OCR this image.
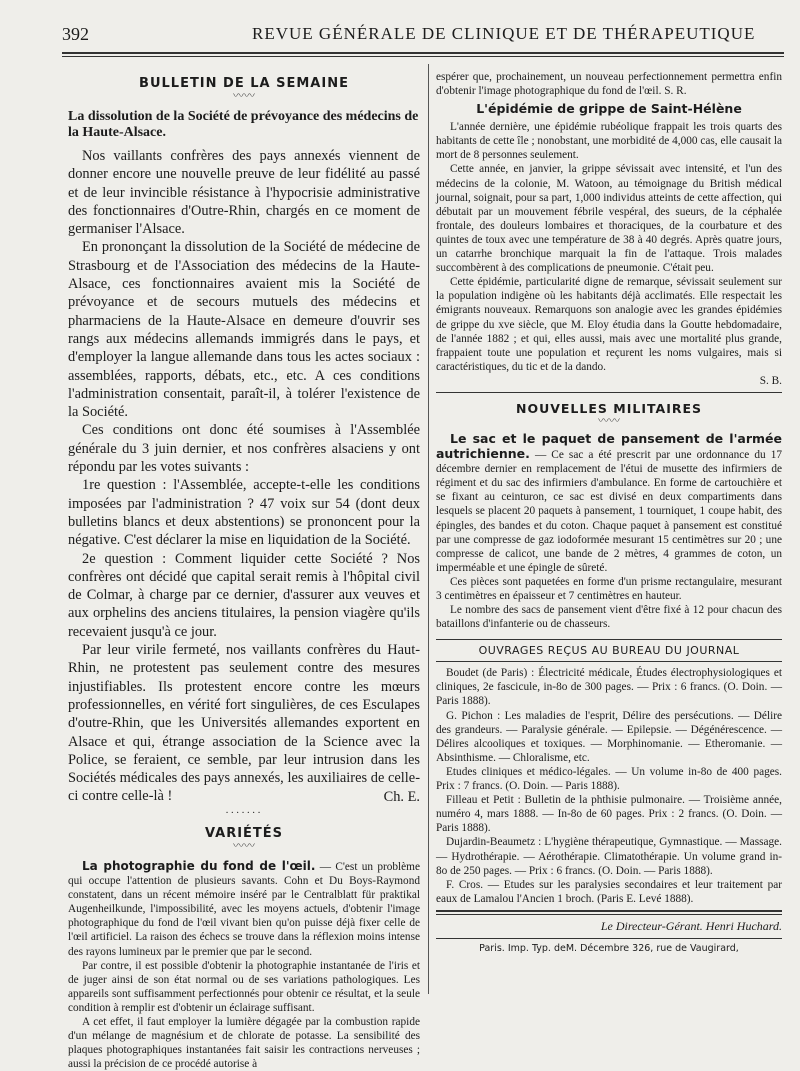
392	REVUE GÉNÉRALE DE CLINIQUE ET DE THÉRAPEUTIQUE
BULLETIN DE LA SEMAINE
〰〰
La dissolution de la Société de prévoyance des médecins de la Haute-Alsace.

Nos vaillants confrères des pays annexés viennent de donner encore une nouvelle preuve de leur fidélité au passé et de leur invincible résistance à l'hypocrisie administrative des fonctionnaires d'Outre-Rhin, chargés en ce moment de germaniser l'Alsace.

En prononçant la dissolution de la Société de médecine de Strasbourg et de l'Association des médecins de la Haute-Alsace, ces fonctionnaires avaient mis la Société de prévoyance et de secours mutuels des médecins et pharmaciens de la Haute-Alsace en demeure d'ouvrir ses rangs aux médecins allemands immigrés dans le pays, et d'employer la langue allemande dans tous les actes sociaux : assemblées, rapports, débats, etc., etc. A ces conditions l'administration consentait, paraît-il, à tolérer l'existence de la Société.

Ces conditions ont donc été soumises à l'Assemblée générale du 3 juin dernier, et nos confrères alsaciens y ont répondu par les votes suivants :

1re question : l'Assemblée, accepte-t-elle les conditions imposées par l'administration ? 47 voix sur 54 (dont deux bulletins blancs et deux abstentions) se prononcent pour la négative. C'est déclarer la mise en liquidation de la Société.

2e question : Comment liquider cette Société ? Nos confrères ont décidé que capital serait remis à l'hôpital civil de Colmar, à charge par ce dernier, d'assurer aux veuves et aux orphelins des anciens titulaires, la pension viagère qu'ils recevaient jusqu'à ce jour.

Par leur virile fermeté, nos vaillants confrères du Haut-Rhin, ne protestent pas seulement contre des mesures injustifiables. Ils protestent encore contre les mœurs professionnelles, en vérité fort singulières, de ces Esculapes d'outre-Rhin, que les Universités allemandes exportent en Alsace et qui, étrange association de la Science avec la Police, se feraient, ce semble, par leur intrusion dans les Sociétés médicales des pays annexés, les auxiliaires de celle-ci contre celle-là !	Ch. E.
·······
VARIÉTÉS
〰〰

La photographie du fond de l'œil. — C'est un problème qui occupe l'attention de plusieurs savants. Cohn et Du Boys-Raymond constatent, dans un récent mémoire inséré par le Centralblatt für praktikal Augenheilkunde, l'impossibilité, avec les moyens actuels, d'obtenir l'image photographique du fond de l'œil vivant bien qu'on puisse déjà fixer celle de l'œil artificiel. La raison des échecs se trouve dans la réflexion moins intense des rayons lumineux par le premier que par le second.

Par contre, il est possible d'obtenir la photographie instantanée de l'iris et de juger ainsi de son état normal ou de ses variations pathologiques. Les appareils sont suffisamment perfectionnés pour obtenir ce résultat, et la seule condition à remplir est d'obtenir un éclairage suffisant.

A cet effet, il faut employer la lumière dégagée par la combustion rapide d'un mélange de magnésium et de chlorate de potasse. La sensibilité des plaques photographiques instantanées fait saisir les contractions nerveuses ; aussi la précision de ce procédé autorise à

espérer que, prochainement, un nouveau perfectionnement permettra enfin d'obtenir l'image photographique du fond de l'œil. S. R.

L'épidémie de grippe de Saint-Hélène

L'année dernière, une épidémie rubéolique frappait les trois quarts des habitants de cette île ; nonobstant, une morbidité de 4,000 cas, elle causait la mort de 8 personnes seulement.

Cette année, en janvier, la grippe sévissait avec intensité, et l'un des médecins de la colonie, M. Watoon, au témoignage du British médical journal, soignait, pour sa part, 1,000 individus atteints de cette affection, qui débutait par un mouvement fébrile vespéral, des sueurs, de la céphalée frontale, des douleurs lombaires et thoraciques, de la courbature et des quintes de toux avec une température de 38 à 40 degrés. Après quatre jours, un catarrhe bronchique marquait la fin de l'attaque. Trois malades succombèrent à des complications de pneumonie. C'était peu.

Cette épidémie, particularité digne de remarque, sévissait seulement sur la population indigène où les habitants déjà acclimatés. Elle respectait les émigrants nouveaux. Remarquons son analogie avec les grandes épidémies de grippe du xve siècle, que M. Eloy étudia dans la Goutte hebdomadaire, de l'année 1882 ; et qui, elles aussi, mais avec une mortalité plus grande, frappaient toute une population et reçurent les noms vulgaires, mais si caractéristiques, du tic et de la dando.

S. B.
NOUVELLES MILITAIRES
〰〰

Le sac et le paquet de pansement de l'armée autrichienne. — Ce sac a été prescrit par une ordonnance du 17 décembre dernier en remplacement de l'étui de musette des infirmiers de régiment et du sac des infirmiers d'ambulance. En forme de cartouchière et se fixant au ceinturon, ce sac est divisé en deux compartiments dans lesquels se placent 20 paquets à pansement, 1 tourniquet, 1 coupe habit, des épingles, des bandes et du coton. Chaque paquet à pansement est constitué par une compresse de gaz iodoformée mesurant 15 centimètres sur 20 ; une compresse de calicot, une bande de 2 mètres, 4 grammes de coton, un imperméable et une épingle de sûreté.

Ces pièces sont paquetées en forme d'un prisme rectangulaire, mesurant 3 centimètres en épaisseur et 7 centimètres en hauteur.

Le nombre des sacs de pansement vient d'être fixé à 12 pour chacun des bataillons d'infanterie ou de chasseurs.

OUVRAGES REÇUS AU BUREAU DU JOURNAL

Boudet (de Paris) : Électricité médicale, Études électrophysiologiques et cliniques, 2e fascicule, in-8o de 300 pages. — Prix : 6 francs. (O. Doin. — Paris 1888).

G. Pichon : Les maladies de l'esprit, Délire des persécutions. — Délire des grandeurs. — Paralysie générale. — Epilepsie. — Dégénérescence. — Délires alcooliques et toxiques. — Morphinomanie. — Etheromanie. — Absinthisme. — Chloralisme, etc.

Etudes cliniques et médico-légales. — Un volume in-8o de 400 pages. Prix : 7 francs. (O. Doin. — Paris 1888).

Filleau et Petit : Bulletin de la phthisie pulmonaire. — Troisième année, numéro 4, mars 1888. — In-8o de 60 pages. Prix : 2 francs. (O. Doin. — Paris 1888).

Dujardin-Beaumetz : L'hygiène thérapeutique, Gymnastique. — Massage. — Hydrothérapie. — Aérothérapie. Climatothérapie. Un volume grand in-8o de 250 pages. — Prix : 6 francs. (O. Doin. — Paris 1888).

F. Cros. — Etudes sur les paralysies secondaires et leur traitement par eaux de Lamalou l'Ancien 1 broch. (Paris E. Levé 1888).

Le Directeur-Gérant. Henri Huchard.
Paris. Imp. Typ. deM. Décembre 326, rue de Vaugirard,
